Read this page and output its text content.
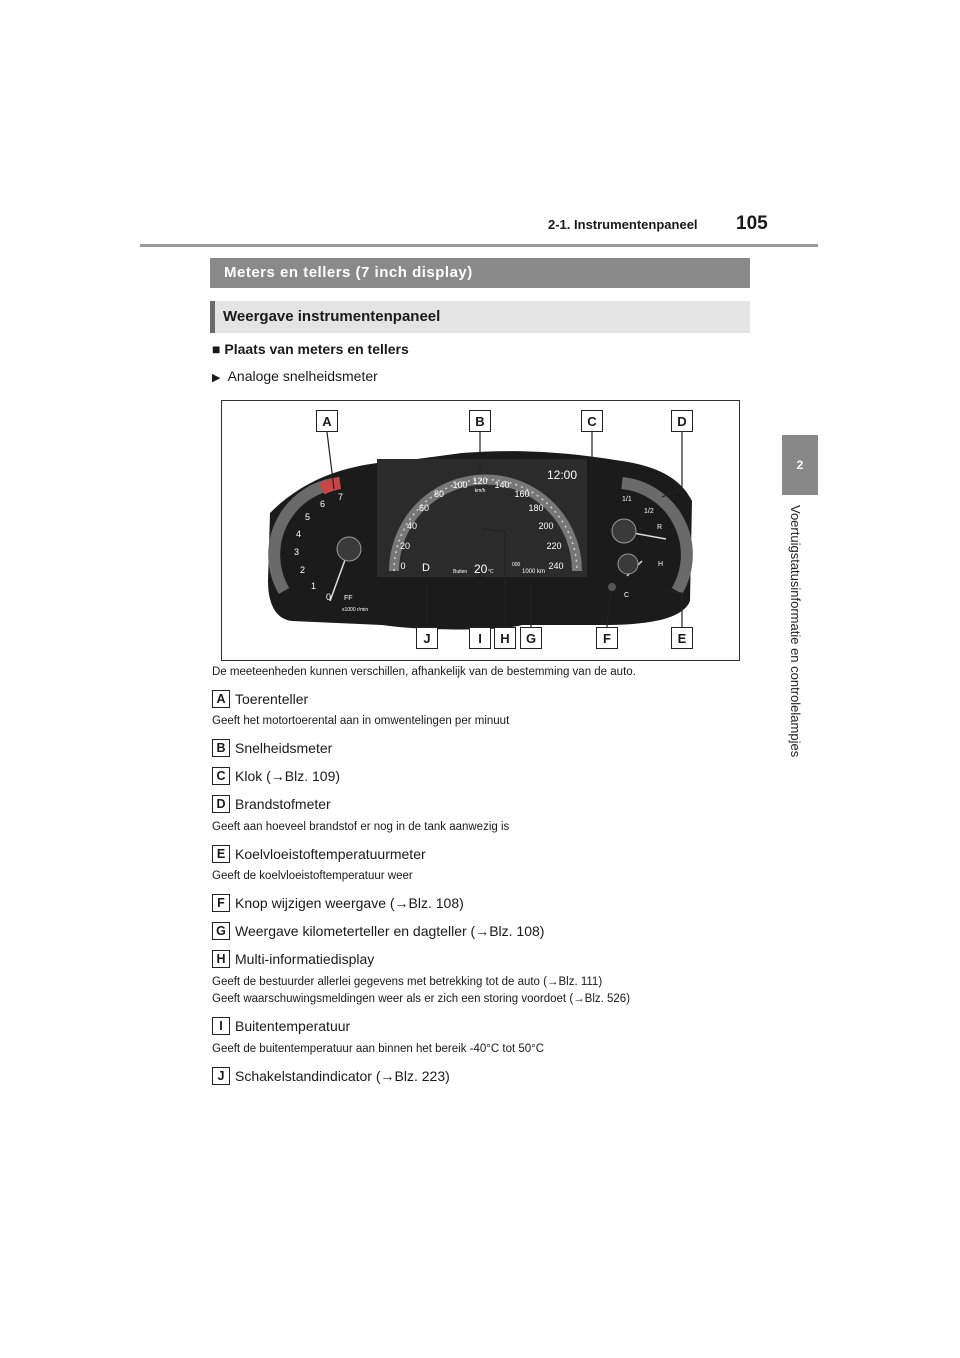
2-1. Instrumentenpaneel 105
2
Voertuigstatusinformatie en controlelampjes
Meters en tellers (7 inch display)
Weergave instrumentenpaneel
■ Plaats van meters en tellers
▶ Analoge snelheidsmeter
0
1
2
3
4
5
6
7
FF
x1000 r/min
0
20
40
60
80
100 120 140
160
180
200
220
240
km/h
12:00
D	Buiten 20 °C
000
1000 km
1/1
1/2
R
H
C
A	B	C	D
J	I	H	G	F	E
De meeteenheden kunnen verschillen, afhankelijk van de bestemming van de auto.
A Toerenteller
Geeft het motortoerental aan in omwentelingen per minuut
B Snelheidsmeter
C Klok (→Blz. 109)
D Brandstofmeter
Geeft aan hoeveel brandstof er nog in de tank aanwezig is
E Koelvloeistoftemperatuurmeter
Geeft de koelvloeistoftemperatuur weer
F Knop wijzigen weergave (→Blz. 108)
G Weergave kilometerteller en dagteller (→Blz. 108)
H Multi-informatiedisplay
Geeft de bestuurder allerlei gegevens met betrekking tot de auto (→Blz. 111)
Geeft waarschuwingsmeldingen weer als er zich een storing voordoet (→Blz. 526)
I Buitentemperatuur
Geeft de buitentemperatuur aan binnen het bereik -40°C tot 50°C
J Schakelstandindicator (→Blz. 223)
